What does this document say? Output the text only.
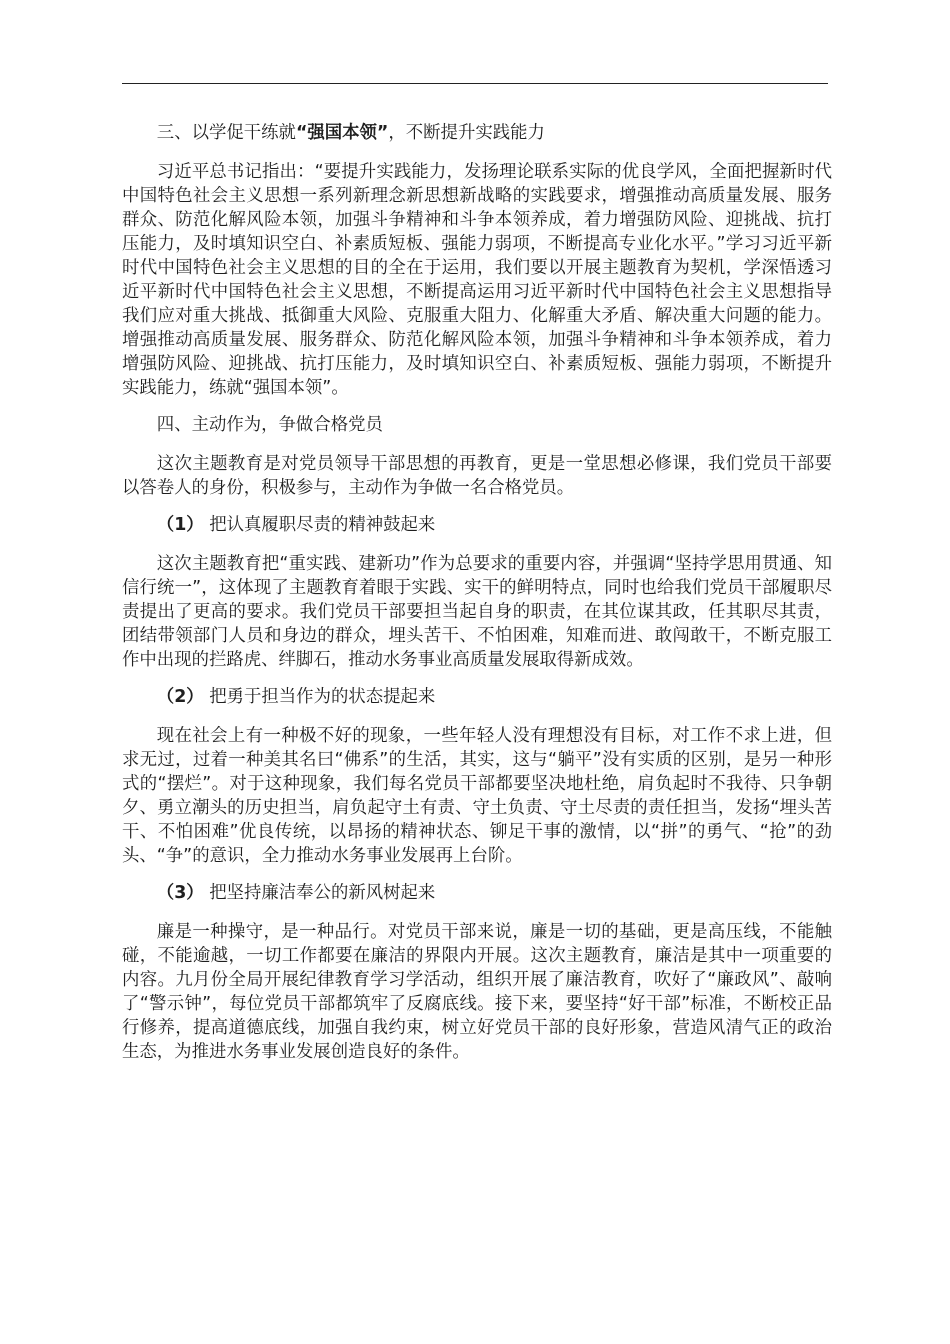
三、以学促干练就“强国本领”，不断提升实践能力

习近平总书记指出：“要提升实践能力，发扬理论联系实际的优良学风，全面把握新时代中国特色社会主义思想一系列新理念新思想新战略的实践要求，增强推动高质量发展、服务群众、防范化解风险本领，加强斗争精神和斗争本领养成，着力增强防风险、迎挑战、抗打压能力，及时填知识空白、补素质短板、强能力弱项，不断提高专业化水平。”学习习近平新时代中国特色社会主义思想的目的全在于运用，我们要以开展主题教育为契机，学深悟透习近平新时代中国特色社会主义思想，不断提高运用习近平新时代中国特色社会主义思想指导我们应对重大挑战、抵御重大风险、克服重大阻力、化解重大矛盾、解决重大问题的能力。增强推动高质量发展、服务群众、防范化解风险本领，加强斗争精神和斗争本领养成，着力增强防风险、迎挑战、抗打压能力，及时填知识空白、补素质短板、强能力弱项，不断提升实践能力，练就“强国本领”。

四、主动作为，争做合格党员

这次主题教育是对党员领导干部思想的再教育，更是一堂思想必修课，我们党员干部要以答卷人的身份，积极参与，主动作为争做一名合格党员。

（1） 把认真履职尽责的精神鼓起来

这次主题教育把“重实践、建新功”作为总要求的重要内容，并强调“坚持学思用贯通、知信行统一”，这体现了主题教育着眼于实践、实干的鲜明特点，同时也给我们党员干部履职尽责提出了更高的要求。我们党员干部要担当起自身的职责，在其位谋其政，任其职尽其责，团结带领部门人员和身边的群众，埋头苦干、不怕困难，知难而进、敢闯敢干，不断克服工作中出现的拦路虎、绊脚石，推动水务事业高质量发展取得新成效。

（2） 把勇于担当作为的状态提起来

现在社会上有一种极不好的现象，一些年轻人没有理想没有目标，对工作不求上进，但求无过，过着一种美其名曰“佛系”的生活，其实，这与“躺平”没有实质的区别，是另一种形式的“摆烂”。对于这种现象，我们每名党员干部都要坚决地杜绝，肩负起时不我待、只争朝夕、勇立潮头的历史担当，肩负起守土有责、守土负责、守土尽责的责任担当，发扬“埋头苦干、不怕困难”优良传统，以昂扬的精神状态、铆足干事的激情，以“拼”的勇气、“抢”的劲头、“争”的意识，全力推动水务事业发展再上台阶。

（3） 把坚持廉洁奉公的新风树起来

廉是一种操守，是一种品行。对党员干部来说，廉是一切的基础，更是高压线，不能触碰，不能逾越，一切工作都要在廉洁的界限内开展。这次主题教育，廉洁是其中一项重要的内容。九月份全局开展纪律教育学习学活动，组织开展了廉洁教育，吹好了“廉政风”、敲响了“警示钟”，每位党员干部都筑牢了反腐底线。接下来，要坚持“好干部”标准，不断校正品行修养，提高道德底线，加强自我约束，树立好党员干部的良好形象，营造风清气正的政治生态，为推进水务事业发展创造良好的条件。
